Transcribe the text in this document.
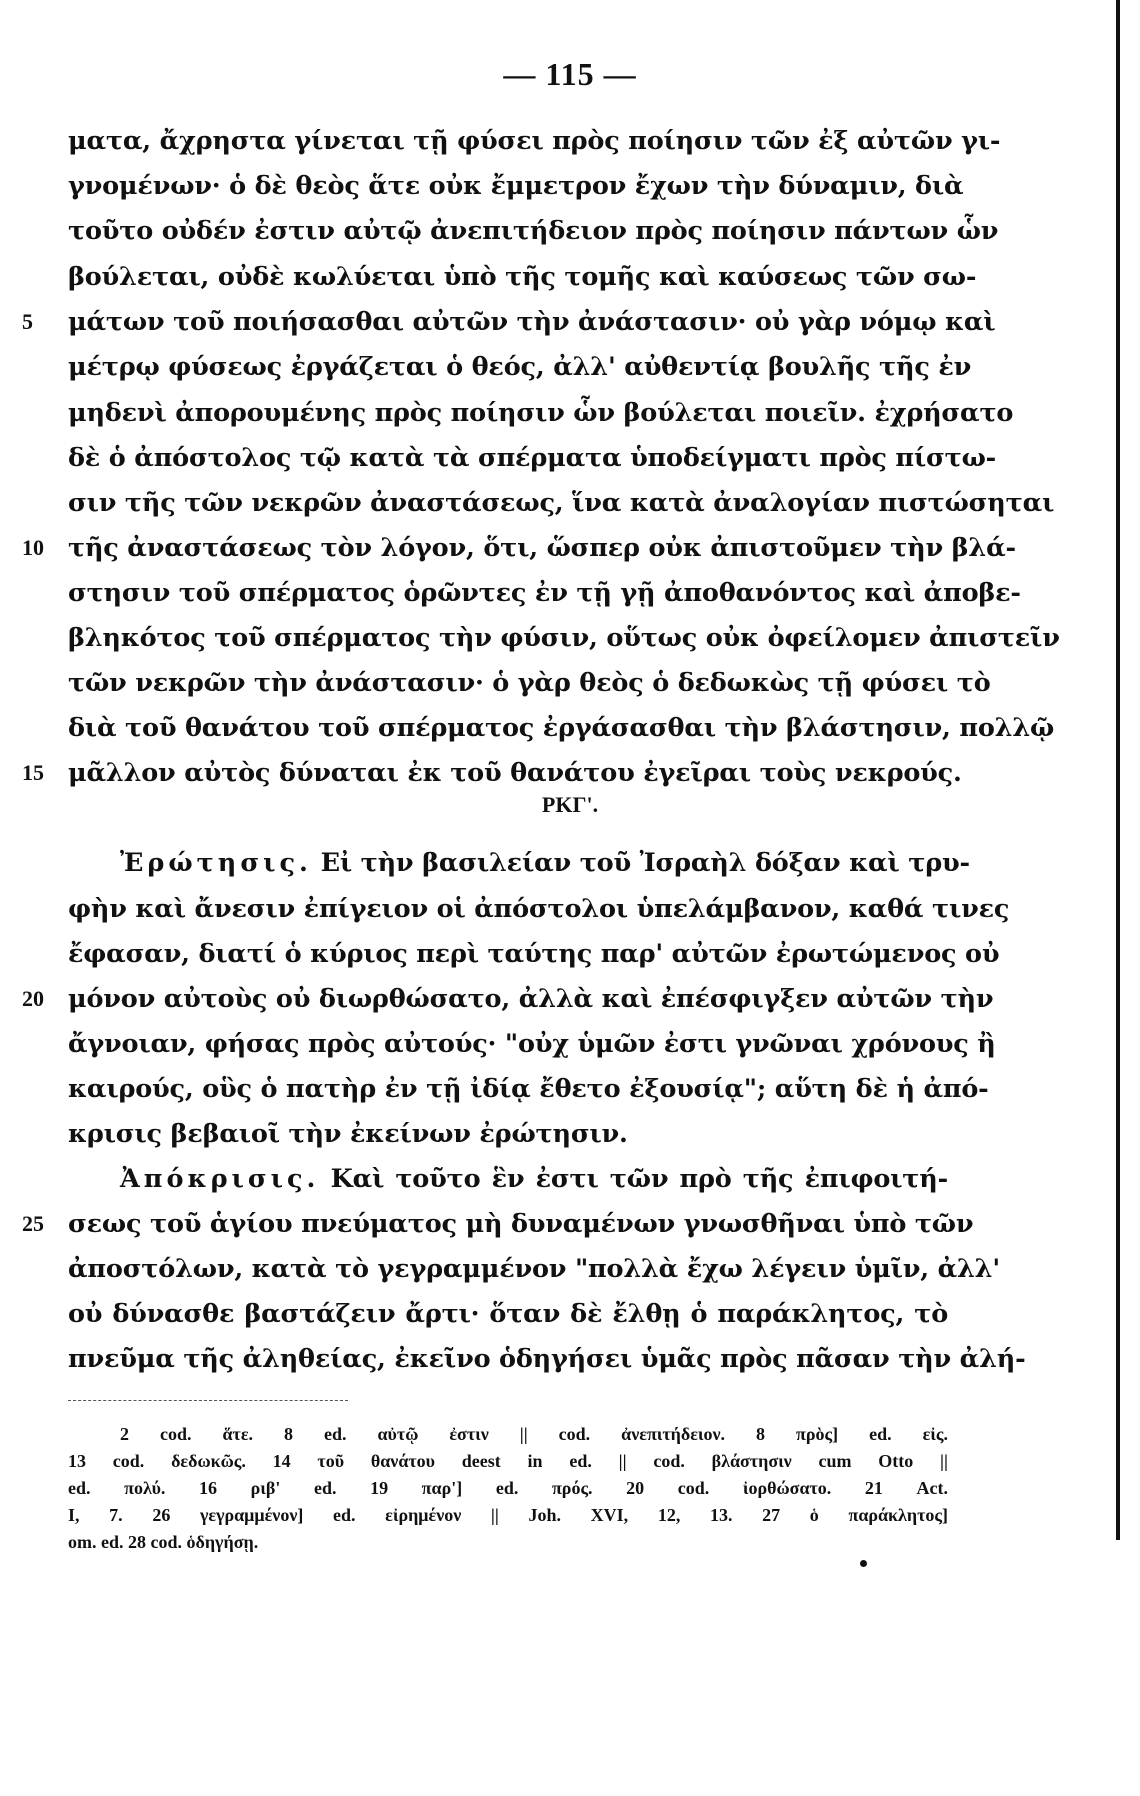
— 115 —
ματα, ἄχρηστα γίνεται τῇ φύσει πρὸς ποίησιν τῶν ἐξ αὐτῶν γι-
γνομένων· ὁ δὲ θεὸς ἅτε οὐκ ἔμμετρον ἔχων τὴν δύναμιν, διὰ
τοῦτο οὐδέν ἐστιν αὐτῷ ἀνεπιτήδειον πρὸς ποίησιν πάντων ὧν
βούλεται, οὐδὲ κωλύεται ὑπὸ τῆς τομῆς καὶ καύσεως τῶν σω-
5	μάτων τοῦ ποιήσασθαι αὐτῶν τὴν ἀνάστασιν· οὐ γὰρ νόμῳ καὶ
μέτρῳ φύσεως ἐργάζεται ὁ θεός, ἀλλ' αὐθεντίᾳ βουλῆς τῆς ἐν
μηδενὶ ἀπορουμένης πρὸς ποίησιν ὧν βούλεται ποιεῖν. ἐχρήσατο
δὲ ὁ ἀπόστολος τῷ κατὰ τὰ σπέρματα ὑποδείγματι πρὸς πίστω-
σιν τῆς τῶν νεκρῶν ἀναστάσεως, ἵνα κατὰ ἀναλογίαν πιστώσηται
10 τῆς ἀναστάσεως τὸν λόγον, ὅτι, ὥσπερ οὐκ ἀπιστοῦμεν τὴν βλά-
στησιν τοῦ σπέρματος ὁρῶντες ἐν τῇ γῇ ἀποθανόντος καὶ ἀποβε-
βληκότος τοῦ σπέρματος τὴν φύσιν, οὕτως οὐκ ὀφείλομεν ἀπιστεῖν
τῶν νεκρῶν τὴν ἀνάστασιν· ὁ γὰρ θεὸς ὁ δεδωκὼς τῇ φύσει τὸ
διὰ τοῦ θανάτου τοῦ σπέρματος ἐργάσασθαι τὴν βλάστησιν, πολλῷ
15 μᾶλλον αὐτὸς δύναται ἐκ τοῦ θανάτου ἐγεῖραι τοὺς νεκρούς.
ΡΚΓ'.
Ἐρώτησις. Εἰ τὴν βασιλείαν τοῦ Ἰσραὴλ δόξαν καὶ τρυ-
φὴν καὶ ἄνεσιν ἐπίγειον οἱ ἀπόστολοι ὑπελάμβανον, καθά τινες
ἔφασαν, διατί ὁ κύριος περὶ ταύτης παρ' αὐτῶν ἐρωτώμενος οὐ
20 μόνον αὐτοὺς οὐ διωρθώσατο, ἀλλὰ καὶ ἐπέσφιγξεν αὐτῶν τὴν
ἄγνοιαν, φήσας πρὸς αὐτούς· "οὐχ ὑμῶν ἐστι γνῶναι χρόνους ἢ
καιρούς, οὓς ὁ πατὴρ ἐν τῇ ἰδίᾳ ἔθετο ἐξουσίᾳ"; αὕτη δὲ ἡ ἀπό-
κρισις βεβαιοῖ τὴν ἐκείνων ἐρώτησιν.
Ἀπόκρισις. Καὶ τοῦτο ἓν ἐστι τῶν πρὸ τῆς ἐπιφοιτή-
25 σεως τοῦ ἁγίου πνεύματος μὴ δυναμένων γνωσθῆναι ὑπὸ τῶν
ἀποστόλων, κατὰ τὸ γεγραμμένον "πολλὰ ἔχω λέγειν ὑμῖν, ἀλλ'
οὐ δύνασθε βαστάζειν ἄρτι· ὅταν δὲ ἔλθῃ ὁ παράκλητος, τὸ
πνεῦμα τῆς ἀληθείας, ἐκεῖνο ὁδηγήσει ὑμᾶς πρὸς πᾶσαν τὴν ἀλή-
2 cod. ἅτε. 8 ed. αὐτῷ ἐστιν || cod. ἀνεπιτήδειον. 8 πρὸς] ed. εἰς.
13 cod. δεδωκῶς. 14 τοῦ θανάτου deest in ed. || cod. βλάστησιν cum Otto ||
ed. πολύ. 16 ριβ' ed. 19 παρ'] ed. πρός. 20 cod. ἰορθώσατο. 21 Act.
I, 7. 26 γεγραμμένον] ed. εἰρημένον || Joh. XVI, 12, 13. 27 ὁ παράκλητος]
om. ed. 28 cod. ὁδηγήσῃ.
